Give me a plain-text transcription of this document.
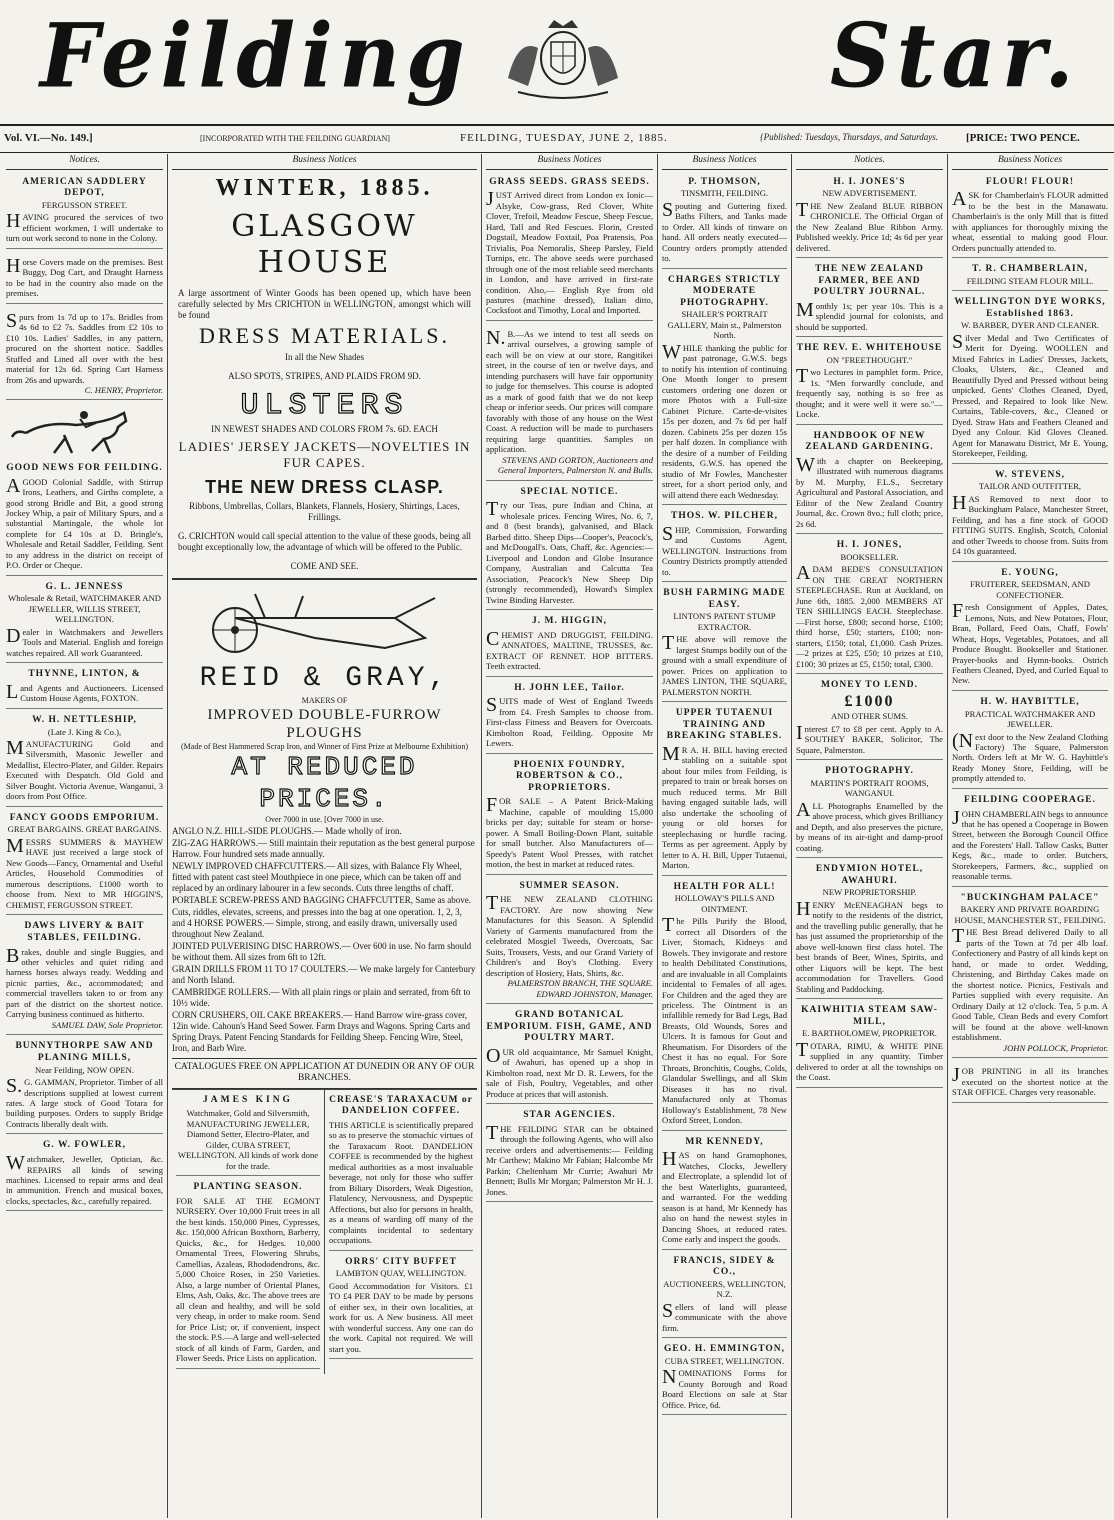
Feilding	Star.
Vol. VI.—No. 149.]	[INCORPORATED WITH THE FEILDING GUARDIAN]	FEILDING, TUESDAY, JUNE 2, 1885.	{Published: Tuesdays, Thursdays, and Saturdays.	[PRICE: TWO PENCE.
Notices.
AMERICAN SADDLERY DEPOT,
FERGUSSON STREET.
HAVING procured the services of two efficient workmen, I will undertake to turn out work second to none in the Colony.
Horse Covers made on the premises. Best Buggy, Dog Cart, and Draught Harness to be had in the country also made on the premises.
Spurs from 1s 7d up to 17s. Bridles from 4s 6d to £2 7s. Saddles from £2 10s to £10 10s. Ladies' Saddles, in any pattern, procured on the shortest notice. Saddles Stuffed and Lined all over with the best material for 12s 6d. Spring Cart Harness from 26s and upwards.
C. HENRY, Proprietor.
GOOD NEWS FOR FEILDING.
AGOOD Colonial Saddle, with Stirrup Irons, Leathers, and Girths complete, a good strong Bridle and Bit, a good strong Jockey Whip, a pair of Military Spurs, and a substantial Martingale, the whole lot complete for £4 10s at D. Bringle's, Wholesale and Retail Saddler, Feilding. Sent to any address in the district on receipt of P.O. Order or Cheque.
G. L. JENNESS
Wholesale & Retail, WATCHMAKER AND JEWELLER, WILLIS STREET, WELLINGTON.
Dealer in Watchmakers and Jewellers Tools and Material. English and foreign watches repaired. All work Guaranteed.
THYNNE, LINTON, &
Land Agents and Auctioneers. Licensed Custom House Agents, FOXTON.
W. H. NETTLESHIP,
(Late J. King & Co.),
MANUFACTURING Gold and Silversmith, Masonic Jeweller and Medallist, Electro-Plater, and Gilder. Repairs Executed with Despatch. Old Gold and Silver Bought. Victoria Avenue, Wanganui, 3 doors from Post Office.
FANCY GOODS EMPORIUM.
GREAT BARGAINS. GREAT BARGAINS.
MESSRS SUMMERS & MAYHEW HAVE just received a large stock of New Goods—Fancy, Ornamental and Useful Articles, Household Commodities of numerous descriptions. £1000 worth to choose from. Next to MR HIGGIN'S, CHEMIST, FERGUSSON STREET.
DAWS LIVERY & BAIT STABLES, FEILDING.
Brakes, double and single Buggies, and other vehicles and quiet riding and harness horses always ready. Wedding and picnic parties, &c., accommodated; and commercial travellers taken to or from any part of the district on the shortest notice. Carrying business continued as hitherto.
SAMUEL DAW, Sole Proprietor.
BUNNYTHORPE SAW AND PLANING MILLS,
Near Feilding, NOW OPEN.
S.G. GAMMAN, Proprietor. Timber of all descriptions supplied at lowest current rates. A large stock of Good Totara for building purposes. Orders to supply Bridge Contracts liberally dealt with.
G. W. FOWLER,
Watchmaker, Jeweller, Optician, &c. REPAIRS all kinds of sewing machines. Licensed to repair arms and deal in ammunition. French and musical boxes, clocks, spectacles, &c., carefully repaired.
Business Notices
WINTER, 1885.
GLASGOW HOUSE
A large assortment of Winter Goods has been opened up, which have been carefully selected by Mrs CRICHTON in WELLINGTON, amongst which will be found
DRESS MATERIALS.
In all the New Shades
ALSO SPOTS, STRIPES, AND PLAIDS FROM 9D.
ULSTERS
IN NEWEST SHADES AND COLORS FROM 7s. 6D. EACH
LADIES' JERSEY JACKETS—NOVELTIES IN FUR CAPES.
THE NEW DRESS CLASP.
Ribbons, Umbrellas, Collars, Blankets, Flannels, Hosiery, Shirtings, Laces, Frillings.
G. CRICHTON would call special attention to the value of these goods, being all bought exceptionally low, the advantage of which will be offered to the Public.
COME AND SEE.
REID & GRAY,
MAKERS OF
IMPROVED DOUBLE-FURROW PLOUGHS
(Made of Best Hammered Scrap Iron, and Winner of First Prize at Melbourne Exhibition)
AT REDUCED PRICES.
Over 7000 in use. [Over 7000 in use.
ANGLO N.Z. HILL-SIDE PLOUGHS.— Made wholly of iron.
ZIG-ZAG HARROWS.— Still maintain their reputation as the best general purpose Harrow. Four hundred sets made annually.
NEWLY IMPROVED CHAFFCUTTERS.— All sizes, with Balance Fly Wheel, fitted with patent cast steel Mouthpiece in one piece, which can be taken off and replaced by an ordinary labourer in a few seconds. Cuts three lengths of chaff.
PORTABLE SCREW-PRESS AND BAGGING CHAFFCUTTER, Same as above.
Cuts, riddles, elevates, screens, and presses into the bag at one operation. 1, 2, 3, and 4 HORSE POWERS.— Simple, strong, and easily drawn, universally used throughout New Zealand.
JOINTED PULVERISING DISC HARROWS.— Over 600 in use. No farm should be without them. All sizes from 6ft to 12ft.
GRAIN DRILLS FROM 11 TO 17 COULTERS.— We make largely for Canterbury and North Island.
CAMBRIDGE ROLLERS.— With all plain rings or plain and serrated, from 6ft to 10½ wide.
CORN CRUSHERS, OIL CAKE BREAKERS.— Hand Barrow wire-grass cover, 12in wide. Cahoun's Hand Seed Sower. Farm Drays and Wagons. Spring Carts and Spring Drays. Patent Fencing Standards for Feilding Sheep. Fencing Wire, Steel, Iron, and Barb Wire.
CATALOGUES FREE ON APPLICATION AT DUNEDIN OR ANY OF OUR BRANCHES.
JAMES KING
Watchmaker, Gold and Silversmith, MANUFACTURING JEWELLER, Diamond Setter, Electro-Plater, and Gilder, CUBA STREET, WELLINGTON. All kinds of work done for the trade.
PLANTING SEASON.
FOR SALE AT THE EGMONT NURSERY. Over 10,000 Fruit trees in all the best kinds. 150,000 Pines, Cypresses, &c. 150,000 African Boxthorn, Barberry, Quicks, &c., for Hedges. 10,000 Ornamental Trees, Flowering Shrubs, Camellias, Azaleas, Rhododendrons, &c. 5,000 Choice Roses, in 250 Varieties. Also, a large number of Oriental Planes, Elms, Ash, Oaks, &c. The above trees are all clean and healthy, and will be sold very cheap, in order to make room. Send for Price List; or, if convenient, inspect the stock. P.S.—A large and well-selected stock of all kinds of Farm, Garden, and Flower Seeds. Price Lists on application.
CREASE'S TARAXACUM or DANDELION COFFEE.
THIS ARTICLE is scientifically prepared so as to preserve the stomachic virtues of the Taraxacum Root. DANDELION COFFEE is recommended by the highest medical authorities as a most invaluable beverage, not only for those who suffer from Biliary Disorders, Weak Digestion, Flatulency, Nervousness, and Dyspeptic Affections, but also for persons in health, as a means of warding off many of the complaints incidental to sedentary occupations.
ORRS' CITY BUFFET
LAMBTON QUAY, WELLINGTON.
Good Accommodation for Visitors. £1 TO £4 PER DAY to be made by persons of either sex, in their own localities, at work for us. A New business. All meet with wonderful success. Any one can do the work. Capital not required. We will start you.
Business Notices
GRASS SEEDS. GRASS SEEDS.
JUST Arrived direct from London ex Ionic— Alsyke, Cow-grass, Red Clover, White Clover, Trefoil, Meadow Fescue, Sheep Fescue, Hard, Tall and Red Fescues. Florin, Crested Dogstail, Meadow Foxtail, Poa Pratensis, Poa Trivialis, Poa Nemoralis, Sheep Parsley, Field Turnips, etc. The above seeds were purchased through one of the most reliable seed merchants in London, and have arrived in first-rate condition. Also,— English Rye from old pastures (machine dressed), Italian ditto, Cocksfoot and Timothy, Local and Imported.
N.B.—As we intend to test all seeds on arrival ourselves, a growing sample of each will be on view at our store, Rangitikei street, in the course of ten or twelve days, and intending purchasers will have fair opportunity to judge for themselves. This course is adopted as a mark of good faith that we do not keep cheap or inferior seeds. Our prices will compare favorably with those of any house on the West Coast. A reduction will be made to purchasers requiring large quantities. Samples on application.
STEVENS AND GORTON, Auctioneers and General Importers, Palmerston N. and Bulls.
SPECIAL NOTICE.
Try our Teas, pure Indian and China, at wholesale prices. Fencing Wires, No. 6, 7, and 8 (best brands), galvanised, and Black Barbed ditto. Sheep Dips—Cooper's, Peacock's, and McDougall's. Oats, Chaff, &c. Agencies:—Liverpool and London and Globe Insurance Company, Australian and Calcutta Tea Association, Peacock's New Sheep Dip (strongly recommended), Howard's Simplex Twine Binding Harvester.
J. M. HIGGIN,
CHEMIST AND DRUGGIST, FEILDING. ANNATOES, MALTINE, TRUSSES, &c. EXTRACT OF RENNET. HOP BITTERS. Teeth extracted.
H. JOHN LEE, Tailor.
SUITS made of West of England Tweeds from £4. Fresh Samples to choose from. First-class Fitness and Beavers for Overcoats. Kimbolton Road, Feilding. Opposite Mr Lewers.
PHOENIX FOUNDRY, ROBERTSON & CO., PROPRIETORS.
FOR SALE – A Patent Brick-Making Machine, capable of moulding 15,000 bricks per day; suitable for steam or horse-power. A Small Boiling-Down Plant, suitable for small butcher. Also Manufacturers of—Speedy's Patent Wool Presses, with ratchet motion, the best in market at reduced rates.
SUMMER SEASON.
THE NEW ZEALAND CLOTHING FACTORY. Are now showing New Manufactures for this Season. A Splendid Variety of Garments manufactured from the celebrated Mosgiel Tweeds, Overcoats, Sac Suits, Trousers, Vests, and our Grand Variety of Children's and Boy's Clothing. Every description of Hosiery, Hats, Shirts, &c.
PALMERSTON BRANCH, THE SQUARE. EDWARD JOHNSTON, Manager.
GRAND BOTANICAL EMPORIUM. FISH, GAME, AND POULTRY MART.
OUR old acquaintance, Mr Samuel Knight, of Awahuri, has opened up a shop in Kimbolton road, next Mr D. R. Lewers, for the sale of Fish, Poultry, Vegetables, and other Produce at prices that will astonish.
STAR AGENCIES.
THE FEILDING STAR can be obtained through the following Agents, who will also receive orders and advertisements:— Feilding Mr Carthew; Makino Mr Fabian; Halcombe Mr Parkin; Cheltenham Mr Currie; Awahuri Mr Bennett; Bulls Mr Morgan; Palmerston Mr H. J. Jones.
Business Notices
P. THOMSON,
TINSMITH, FEILDING.
Spouting and Guttering fixed. Baths Filters, and Tanks made to Order. All kinds of tinware on hand. All orders neatly executed—Country orders promptly attended to.
CHARGES STRICTLY MODERATE PHOTOGRAPHY.
SHAILER'S PORTRAIT GALLERY, Main st., Palmerston North.
WHILE thanking the public for past patronage, G.W.S. begs to notify his intention of continuing One Month longer to present customers ordering one dozen or more Photos with a Full-size Cabinet Picture. Carte-de-visites 15s per dozen, and 7s 6d per half dozen. Cabinets 25s per dozen 15s per half dozen. In compliance with the desire of a number of Feilding residents, G.W.S. has opened the studio of Mr Fowles, Manchester street, for a short period only, and will attend there each Wednesday.
THOS. W. PILCHER,
SHIP, Commission, Forwarding and Customs Agent, WELLINGTON. Instructions from Country Districts promptly attended to.
BUSH FARMING MADE EASY.
LINTON'S PATENT STUMP EXTRACTOR.
THE above will remove the largest Stumps bodily out of the ground with a small expenditure of power. Prices on application to JAMES LINTON, THE SQUARE, PALMERSTON NORTH.
UPPER TUTAENUI TRAINING AND BREAKING STABLES.
MR A. H. BILL having erected stabling on a suitable spot about four miles from Feilding, is prepared to train or break horses on much reduced terms. Mr Bill having engaged suitable lads, will also undertake the schooling of young or old horses for steeplechasing or hurdle racing. Terms as per agreement. Apply by letter to A. H. Bill, Upper Tutaenui, Marton.
HEALTH FOR ALL!
HOLLOWAY'S PILLS AND OINTMENT.
The Pills Purify the Blood, correct all Disorders of the Liver, Stomach, Kidneys and Bowels. They invigorate and restore to health Debilitated Constitutions, and are invaluable in all Complaints incidental to Females of all ages. For Children and the aged they are priceless. The Ointment is an infallible remedy for Bad Legs, Bad Breasts, Old Wounds, Sores and Ulcers. It is famous for Gout and Rheumatism. For Disorders of the Chest it has no equal. For Sore Throats, Bronchitis, Coughs, Colds, Glandular Swellings, and all Skin Diseases it has no rival. Manufactured only at Thomas Holloway's Establishment, 78 New Oxford Street, London.
MR KENNEDY,
HAS on hand Gramophones, Watches, Clocks, Jewellery and Electroplate, a splendid lot of the best Waterlights, guaranteed, and warranted. For the wedding season is at hand, Mr Kennedy has also on hand the newest styles in Dancing Shoes, at reduced rates. Come early and inspect the goods.
FRANCIS, SIDEY & CO.,
AUCTIONEERS, WELLINGTON, N.Z.
Sellers of land will please communicate with the above firm.
GEO. H. EMMINGTON,
CUBA STREET, WELLINGTON.
NOMINATIONS Forms for County Borough and Road Board Elections on sale at Star Office. Price, 6d.
Notices.
H. I. JONES'S
NEW ADVERTISEMENT.
THE New Zealand BLUE RIBBON CHRONICLE. The Official Organ of the New Zealand Blue Ribbon Army. Published weekly. Price 1d; 4s 6d per year delivered.
THE NEW ZEALAND FARMER, BEE AND POULTRY JOURNAL.
Monthly 1s; per year 10s. This is a splendid journal for colonists, and should be supported.
THE REV. E. WHITEHOUSE
ON "FREETHOUGHT."
Two Lectures in pamphlet form. Price, 1s. "Men forwardly conclude, and frequently say, nothing is so free as thought; and it were well it were so."—Locke.
HANDBOOK OF NEW ZEALAND GARDENING.
With a chapter on Beekeeping, illustrated with numerous diagrams by M. Murphy, F.L.S., Secretary Agricultural and Pastoral Association, and Editor of the New Zealand Country Journal, &c. Crown 8vo.; full cloth; price, 2s 6d.
H. I. JONES,
BOOKSELLER.
ADAM BEDE'S CONSULTATION ON THE GREAT NORTHERN STEEPLECHASE. Run at Auckland, on June 6th, 1885. 2,000 MEMBERS AT TEN SHILLINGS EACH. Steeplechase.—First horse, £800; second horse, £100; third horse, £50; starters, £100; non-starters, £150; total, £1,000. Cash Prizes.—2 prizes at £25, £50; 10 prizes at £10, £100; 30 prizes at £5, £150; total, £300.
MONEY TO LEND.
£1000
AND OTHER SUMS.
Interest £7 to £8 per cent. Apply to A. SOUTHEY BAKER, Solicitor, The Square, Palmerston.
PHOTOGRAPHY.
MARTIN'S PORTRAIT ROOMS, WANGANUI.
ALL Photographs Enamelled by the above process, which gives Brilliancy and Depth, and also preserves the picture, by means of its air-tight and damp-proof coating.
ENDYMION HOTEL, AWAHURI.
NEW PROPRIETORSHIP.
HENRY McENEAGHAN begs to notify to the residents of the district, and the travelling public generally, that he has just assumed the proprietorship of the above well-known first class hotel. The best brands of Beer, Wines, Spirits, and other Liquors will be kept. The best accommodation for Travellers. Good Stabling and Paddocking.
KAIWHITIA STEAM SAW-MILL,
E. BARTHOLOMEW, PROPRIETOR.
TOTARA, RIMU, & WHITE PINE supplied in any quantity. Timber delivered to order at all the townships on the Coast.
Business Notices
FLOUR! FLOUR!
ASK for Chamberlain's FLOUR admitted to be the best in the Manawatu. Chamberlain's is the only Mill that is fitted with appliances for thoroughly mixing the wheat, essential to making good Flour. Orders punctually attended to.
T. R. CHAMBERLAIN,
FEILDING STEAM FLOUR MILL.
WELLINGTON DYE WORKS, Established 1863.
W. BARBER, DYER AND CLEANER.
Silver Medal and Two Certificates of Merit for Dyeing. WOOLLEN and Mixed Fabrics in Ladies' Dresses, Jackets, Cloaks, Ulsters, &c., Cleaned and Beautifully Dyed and Pressed without being unpicked. Gents' Clothes Cleaned, Dyed, Pressed, and Repaired to look like New. Curtains, Table-covers, &c., Cleaned or Dyed. Straw Hats and Feathers Cleaned and Dyed any Colour. Kid Gloves Cleaned. Agent for Manawatu District, Mr E. Young, Storekeeper, Feilding.
W. STEVENS,
TAILOR AND OUTFITTER,
HAS Removed to next door to Buckingham Palace, Manchester Street, Feilding, and has a fine stock of GOOD FITTING SUITS. English, Scotch, Colonial and other Tweeds to choose from. Suits from £4 10s guaranteed.
E. YOUNG,
FRUITERER, SEEDSMAN, AND CONFECTIONER.
Fresh Consignment of Apples, Dates, Lemons, Nuts, and New Potatoes, Flour, Bran, Pollard, Feed Oats, Chaff, Fowls' Wheat, Hops, Vegetables, Potatoes, and all Produce Bought. Bookseller and Stationer. Prayer-books and Hymn-books. Ostrich Feathers Cleaned, Dyed, and Curled Equal to New.
H. W. HAYBITTLE,
PRACTICAL WATCHMAKER AND JEWELLER.
(Next door to the New Zealand Clothing Factory) The Square, Palmerston North. Orders left at Mr W. G. Haybittle's Ready Money Store, Feilding, will be promptly attended to.
FEILDING COOPERAGE.
JOHN CHAMBERLAIN begs to announce that he has opened a Cooperage in Bowen Street, between the Borough Council Office and the Foresters' Hall. Tallow Casks, Butter Kegs, &c., made to order. Butchers, Storekeepers, Farmers, &c., supplied on reasonable terms.
"BUCKINGHAM PALACE"
BAKERY AND PRIVATE BOARDING HOUSE, MANCHESTER ST., FEILDING.
THE Best Bread delivered Daily to all parts of the Town at 7d per 4lb loaf. Confectionery and Pastry of all kinds kept on hand, or made to order. Wedding, Christening, and Birthday Cakes made on the shortest notice. Picnics, Festivals and Parties supplied with every requisite. An Ordinary Daily at 12 o'clock. Tea, 5 p.m. A Good Table, Clean Beds and every Comfort will be found at the above well-known establishment.
JOHN POLLOCK, Proprietor.
JOB PRINTING in all its branches executed on the shortest notice at the STAR OFFICE. Charges very reasonable.
